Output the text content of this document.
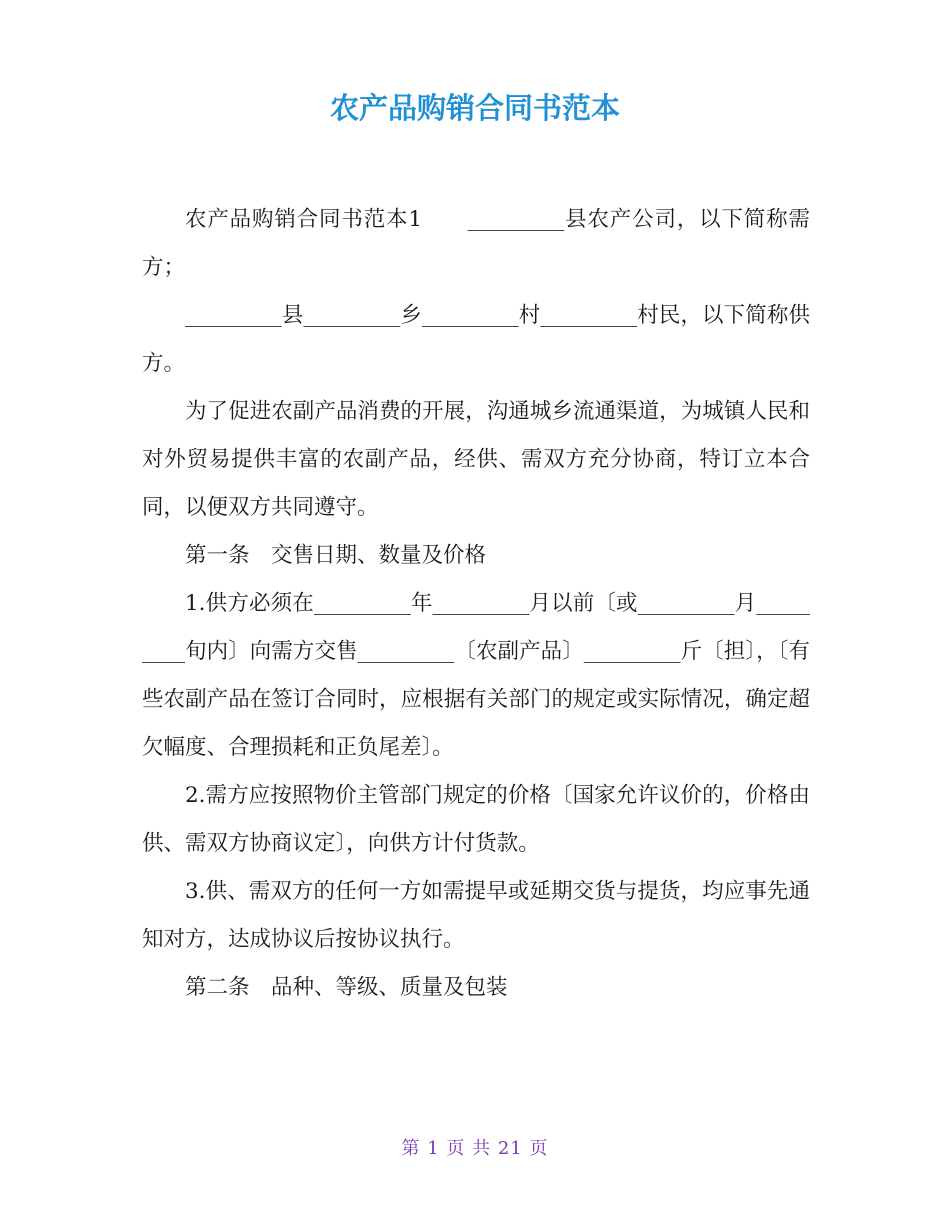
农产品购销合同书范本

农产品购销合同书范本1　　_________县农产公司，以下简称需方；

_________县_________乡_________村_________村民，以下简称供方。

为了促进农副产品消费的开展，沟通城乡流通渠道，为城镇人民和对外贸易提供丰富的农副产品，经供、需双方充分协商，特订立本合同，以便双方共同遵守。

第一条　交售日期、数量及价格

1.供方必须在_________年_________月以前〔或_________月_________旬内〕向需方交售_________〔农副产品〕_________斤〔担〕，〔有些农副产品在签订合同时，应根据有关部门的规定或实际情况，确定超欠幅度、合理损耗和正负尾差〕。

2.需方应按照物价主管部门规定的价格〔国家允许议价的，价格由供、需双方协商议定〕，向供方计付货款。

3.供、需双方的任何一方如需提早或延期交货与提货，均应事先通知对方，达成协议后按协议执行。

第二条　品种、等级、质量及包装

第 1 页 共 21 页
